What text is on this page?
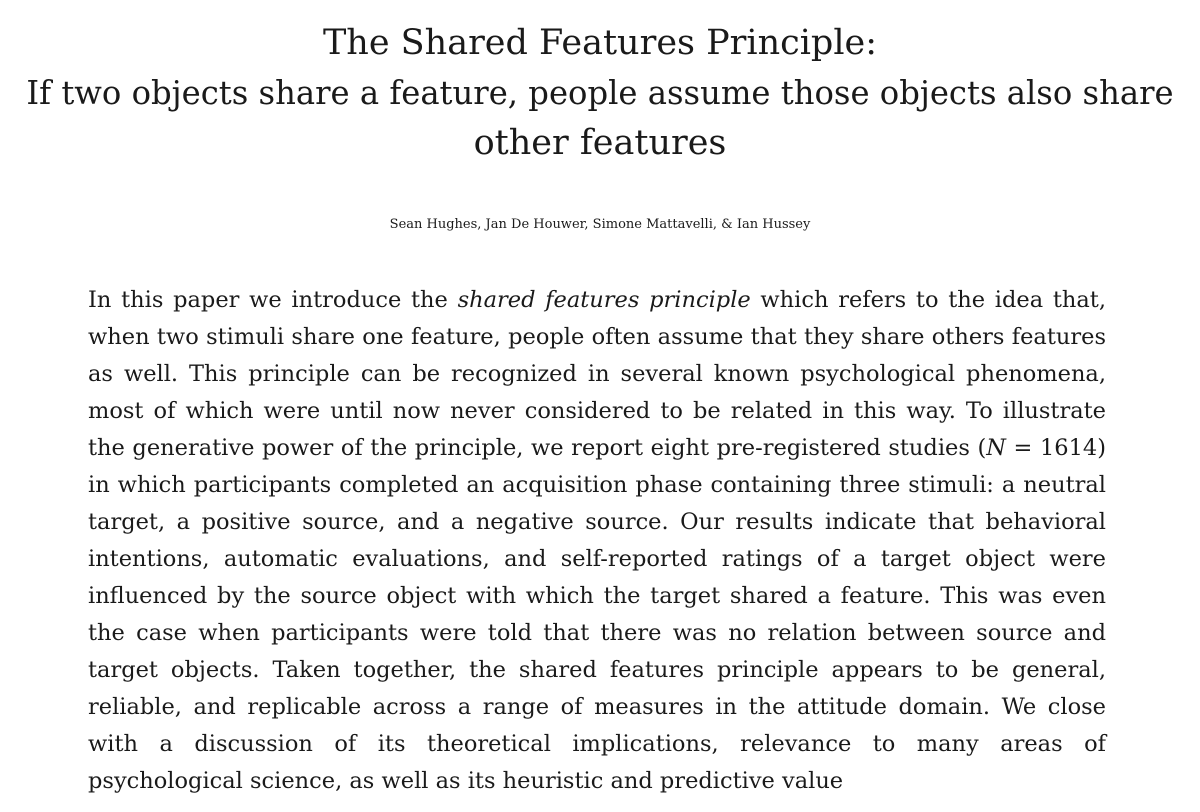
The Shared Features Principle:
If two objects share a feature, people assume those objects also share
other features
Sean Hughes, Jan De Houwer, Simone Mattavelli, & Ian Hussey
In this paper we introduce the shared features principle which refers to the idea that,
when two stimuli share one feature, people often assume that they share others features
as well. This principle can be recognized in several known psychological phenomena,
most of which were until now never considered to be related in this way. To illustrate
the generative power of the principle, we report eight pre-registered studies (N = 1614)
in which participants completed an acquisition phase containing three stimuli: a neutral
target, a positive source, and a negative source. Our results indicate that behavioral
intentions, automatic evaluations, and self-reported ratings of a target object were
influenced by the source object with which the target shared a feature. This was even
the case when participants were told that there was no relation between source and
target objects. Taken together, the shared features principle appears to be general,
reliable, and replicable across a range of measures in the attitude domain. We close
with a discussion of its theoretical implications, relevance to many areas of
psychological science, as well as its heuristic and predictive value
